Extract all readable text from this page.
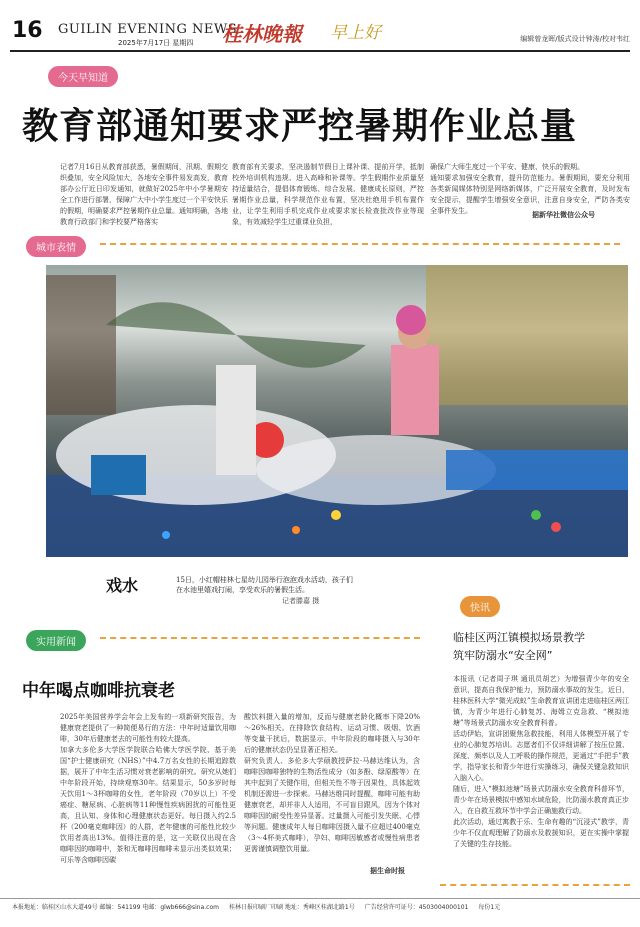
16 GUILIN EVENING NEWS
2025年7月17日 星期四 桂林晚報 早上好	编辑曾龙晖/版式设计钟涛/校对韦红
今天早知道
教育部通知要求严控暑期作业总量
记者7月16日从教育部获悉，暑假期间，汛期、假期交织叠加，安全风险加大，各地安全事件易发高发，教育部办公厅近日印发通知，就做好2025年中小学暑期安全工作进行部署，保障广大中小学生度过一个平安快乐的假期，明确要求严控暑期作业总量。通知明确，各地教育行政部门和学校要严格落实
教育部有关要求，坚决遏制节假日上课补课、提前开学，抵制校外培训机构违规、进入高峰和补课等。学生假期作业质量坚持适量结合，提倡体育锻炼、综合发展、健康成长原则，严控暑期作业总量，科学规范作业布置，坚决杜绝用手机布置作业，让学生利用手机完成作业或要求家长检查批改作业等现象，有效减轻学生过重课业负担，
确保广大师生度过一个平安、健康、快乐的假期。
通知要求加强安全教育，提升防范能力。暑假期间，要充分利用各类新闻媒体特别是网络新媒体，广泛开展安全教育，及时发布安全提示，提醒学生增强安全意识，注意自身安全，严防各类安全事件发生。	据新华社微信公众号
城市表情
戏水	15日，小红帽桂林七星幼儿园举行泡泡戏水活动，孩子们在水池里嬉戏打闹，享受欢乐的暑假生活。
记者滕嘉 摄
实用新闻
中年喝点咖啡抗衰老
2025年美国营养学会年会上发布的一项新研究报告，为健康衰老提供了一种简便易行的方法：中年时适量饮用咖啡，30年后健康老去的可能性有较大提高。
加拿大多伦多大学医学院联合哈佛大学医学院、基于美国“护士健康研究（NHS）”中4.7万名女性的长期追踪数据，展开了中年生活习惯对衰老影响的研究。研究从她们中年阶段开始，持续观察30年。结果显示，50多岁时每天饮用1～3杯咖啡的女性，老年阶段（70岁以上）不受癌症、糖尿病、心脏病等11种慢性疾病困扰的可能性更高，且认知、身体和心理健康状态更好。每日摄入约2.5杯（200毫克咖啡因）的人群，老年健康的可能性比较少饮用者高出13%。值得注意的是，这一关联仅出现在含咖啡因的咖啡中，茶和无咖啡因咖啡未显示出类似效果；可乐等含咖啡因碳
酸饮料摄入量的增加，反而与健康老龄化概率下降20%～26%相关。在排除饮食结构、运动习惯、吸烟、饮酒等变量干扰后，数据显示，中年阶段的咖啡摄入与30年后的健康状态仍呈显著正相关。
研究负责人、多伦多大学硕教授萨拉·马赫达维认为，含咖啡因咖啡独特的生物活性成分（如多酚、绿原酸等）在其中起到了关键作用，但相关性不等于因果性，具体起效机制还需进一步探索。马赫达维同时提醒，咖啡可能有助健康衰老，却并非人人适用，不可盲目跟风，因为个体对咖啡因的耐受性差异显著。过量摄入可能引发失眠、心悸等问题。健康成年人每日咖啡因摄入量不应超过400毫克（3～4杯美式咖啡），孕妇、咖啡因敏感者或慢性病患者更需谨慎调整饮用量。
据生命时报
快讯
临桂区两江镇模拟场景教学
筑牢防溺水“安全网”
本报讯（记者周子琪 通讯员胡艺）为增强青少年的安全意识，提高自我保护能力，预防溺水事故的发生，近日，桂林医科大学“微光成蚁”生命教育宣讲团走进临桂区两江镇，为青少年进行心肺复苏、海姆立克急救、“模拟池塘”等场景式防溺水安全教育科普。
活动伊始，宣讲团聚焦急救技能，利用人体模型开展了专业的心肺复苏培训。志愿者们不仅详细讲解了按压位置、深度、频率以及人工呼吸的操作规范，更通过“手把手”教学，指导家长和青少年进行实操练习，确保关键急救知识入脑入心。
随后，进入“模拟池塘”场景式防溺水安全教育科普环节，青少年在场景模拟中感知水域危险，比防溺水教育真正步入，在自救互救环节中学会正确施救行动。
此次活动，通过寓教于乐、生命有趣的“沉浸式”教学，青少年不仅直观理解了防溺水及救援知识，更在实操中掌握了关键的生存技能。
本报地址：临桂区山水大道49号 邮编：541199 电邮：glwb666@sina.com 桂林日报印刷厂印刷 地址：秀峰区桂湖北路1号 广告经营许可证号：4503004000101 每份1元
